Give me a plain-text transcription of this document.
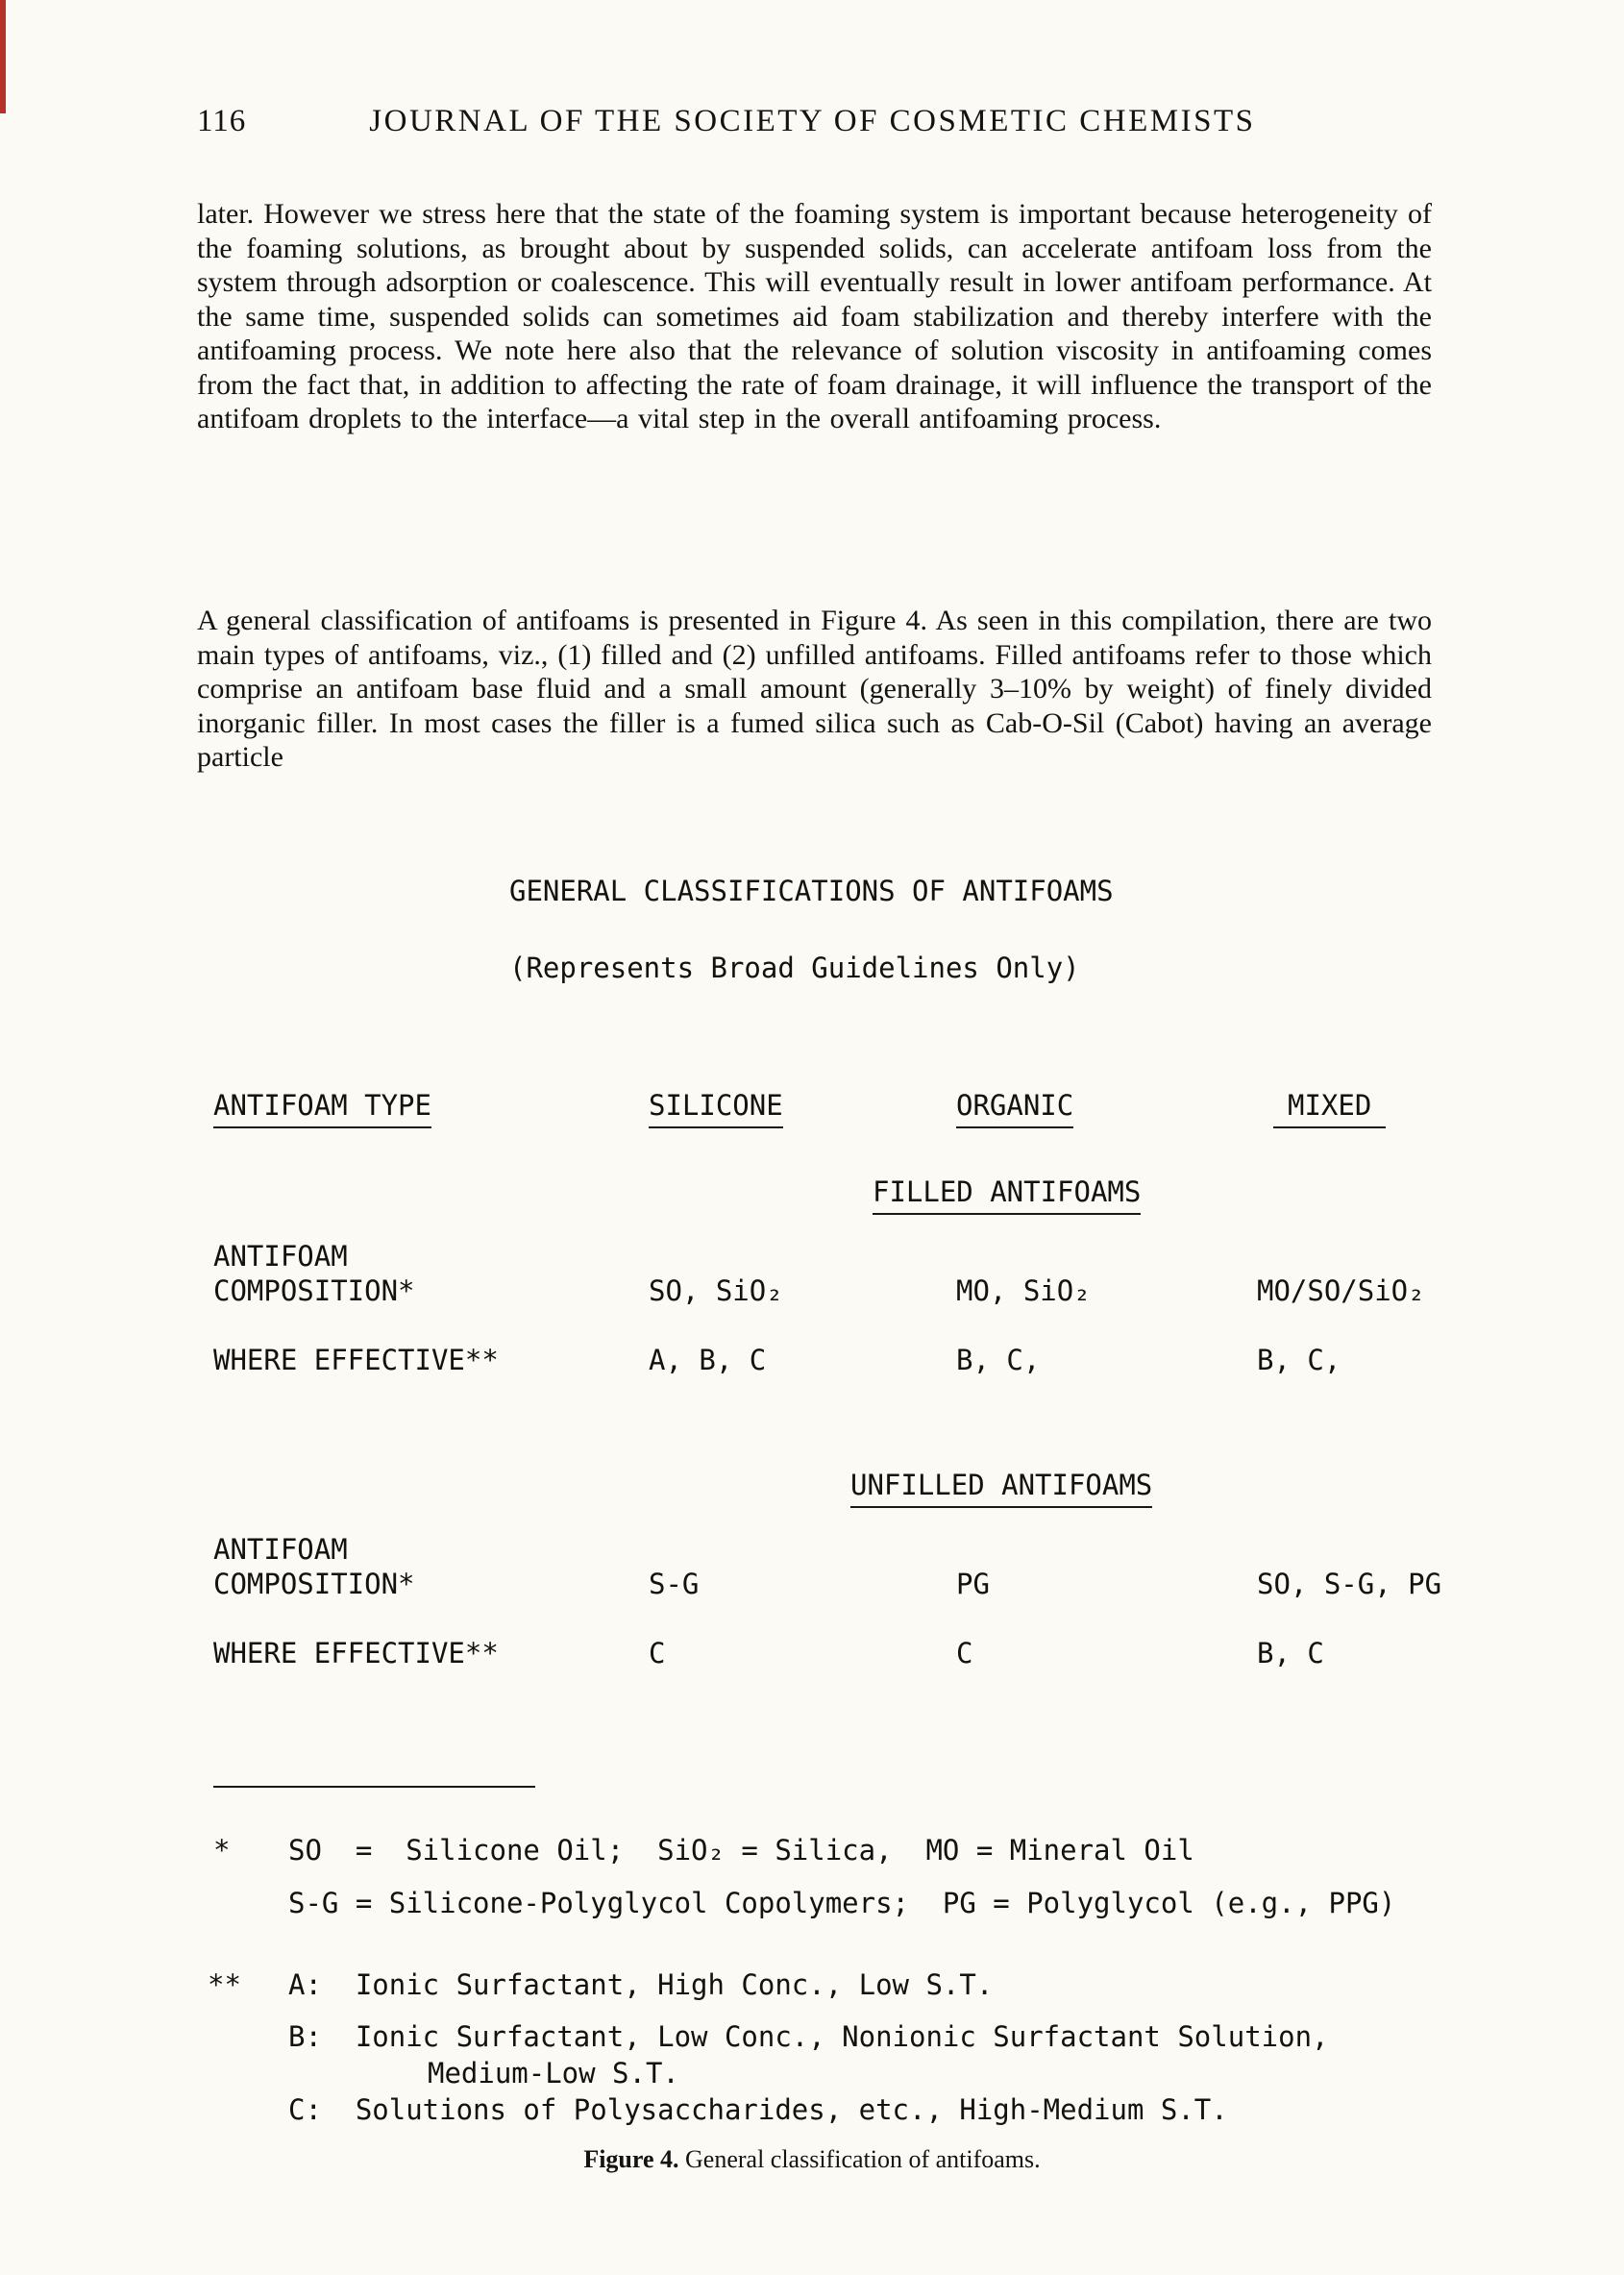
116	JOURNAL OF THE SOCIETY OF COSMETIC CHEMISTS

later. However we stress here that the state of the foaming system is important because heterogeneity of the foaming solutions, as brought about by suspended solids, can accelerate antifoam loss from the system through adsorption or coalescence. This will eventually result in lower antifoam performance. At the same time, suspended solids can sometimes aid foam stabilization and thereby interfere with the antifoaming process. We note here also that the relevance of solution viscosity in antifoaming comes from the fact that, in addition to affecting the rate of foam drainage, it will influence the transport of the antifoam droplets to the interface—a vital step in the overall antifoaming process.

A general classification of antifoams is presented in Figure 4. As seen in this compilation, there are two main types of antifoams, viz., (1) filled and (2) unfilled antifoams. Filled antifoams refer to those which comprise an antifoam base fluid and a small amount (generally 3–10% by weight) of finely divided inorganic filler. In most cases the filler is a fumed silica such as Cab-O-Sil (Cabot) having an average particle

GENERAL CLASSIFICATIONS OF ANTIFOAMS
(Represents Broad Guidelines Only)
ANTIFOAM TYPE	SILICONE	ORGANIC	MIXED
FILLED ANTIFOAMS
ANTIFOAM
COMPOSITION*	SO, SiO₂	MO, SiO₂	MO/SO/SiO₂
WHERE EFFECTIVE**	A, B, C	B, C,	B, C,
UNFILLED ANTIFOAMS
ANTIFOAM
COMPOSITION*	S-G	PG	SO, S-G, PG
WHERE EFFECTIVE**	C	C	B, C
* SO  =  Silicone Oil;  SiO₂ = Silica,  MO = Mineral Oil
S-G = Silicone-Polyglycol Copolymers;  PG = Polyglycol (e.g., PPG)
** A:  Ionic Surfactant, High Conc., Low S.T.
B:  Ionic Surfactant, Low Conc., Nonionic Surfactant Solution,
Medium-Low S.T.
C:  Solutions of Polysaccharides, etc., High-Medium S.T.
Figure 4. General classification of antifoams.
